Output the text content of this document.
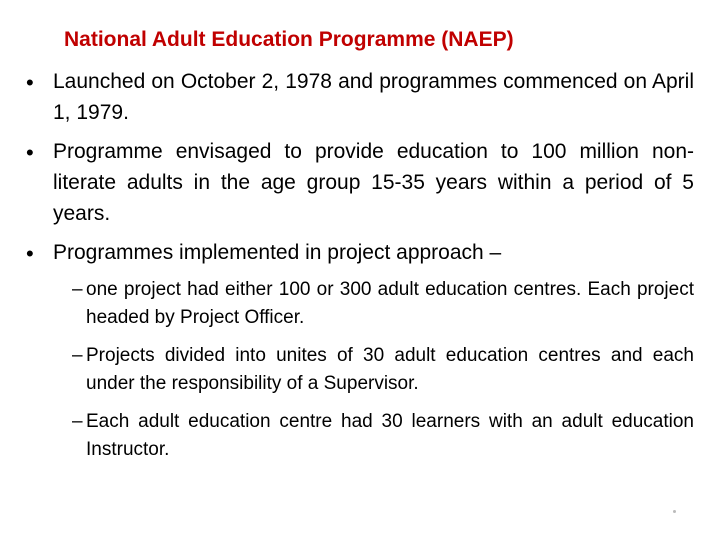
National Adult Education Programme (NAEP)
• Launched on October 2, 1978 and programmes commenced on April 1, 1979.
• Programme envisaged to provide education to 100 million non-literate adults in the age group 15-35 years within a period of 5 years.
• Programmes implemented in project approach –
– one project had either 100 or 300 adult education centres. Each project headed by Project Officer.
– Projects divided into unites of 30 adult education centres and each under the responsibility of a Supervisor.
– Each adult education centre had 30 learners with an adult education Instructor.
